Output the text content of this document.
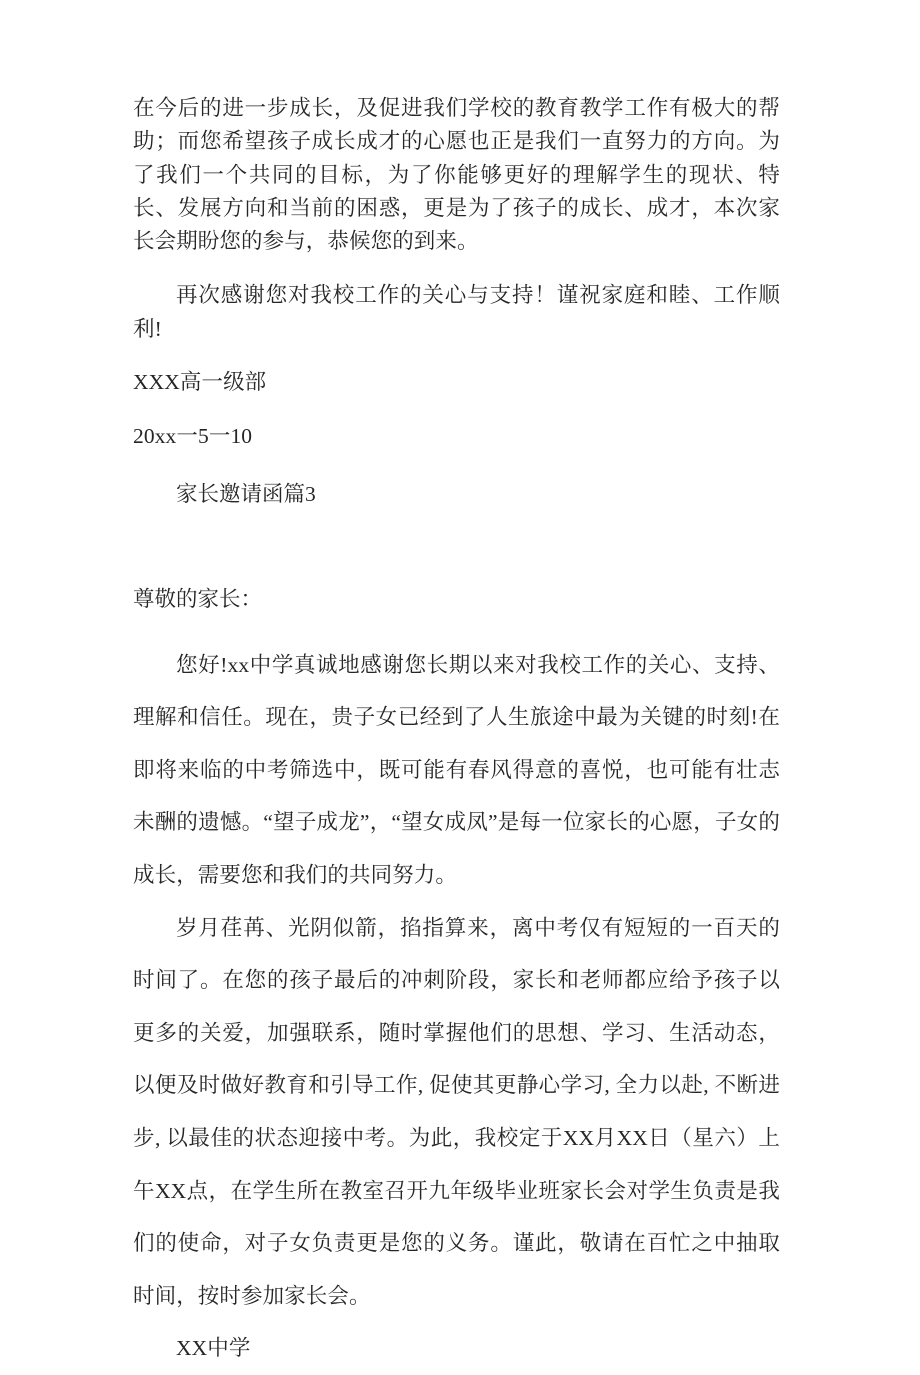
在今后的进一步成长，及促进我们学校的教育教学工作有极大的帮助；而您希望孩子成长成才的心愿也正是我们一直努力的方向。为了我们一个共同的目标，为了你能够更好的理解学生的现状、特长、发展方向和当前的困惑，更是为了孩子的成长、成才，本次家长会期盼您的参与，恭候您的到来。

再次感谢您对我校工作的关心与支持！谨祝家庭和睦、工作顺利!

XXX高一级部

20xx一5一10

家长邀请函篇3

尊敬的家长：

您好!xx中学真诚地感谢您长期以来对我校工作的关心、支持、理解和信任。现在，贵子女已经到了人生旅途中最为关键的时刻!在即将来临的中考筛选中，既可能有春风得意的喜悦，也可能有壮志未酬的遗憾。“望子成龙”，“望女成凤”是每一位家长的心愿，子女的成长，需要您和我们的共同努力。

岁月荏苒、光阴似箭，掐指算来，离中考仅有短短的一百天的时间了。在您的孩子最后的冲刺阶段，家长和老师都应给予孩子以更多的关爱，加强联系，随时掌握他们的思想、学习、生活动态，以便及时做好教育和引导工作, 促使其更静心学习, 全力以赴, 不断进步, 以最佳的状态迎接中考。为此，我校定于XX月XX日（星六）上午XX点，在学生所在教室召开九年级毕业班家长会对学生负责是我们的使命，对子女负责更是您的义务。谨此，敬请在百忙之中抽取时间，按时参加家长会。

XX中学
